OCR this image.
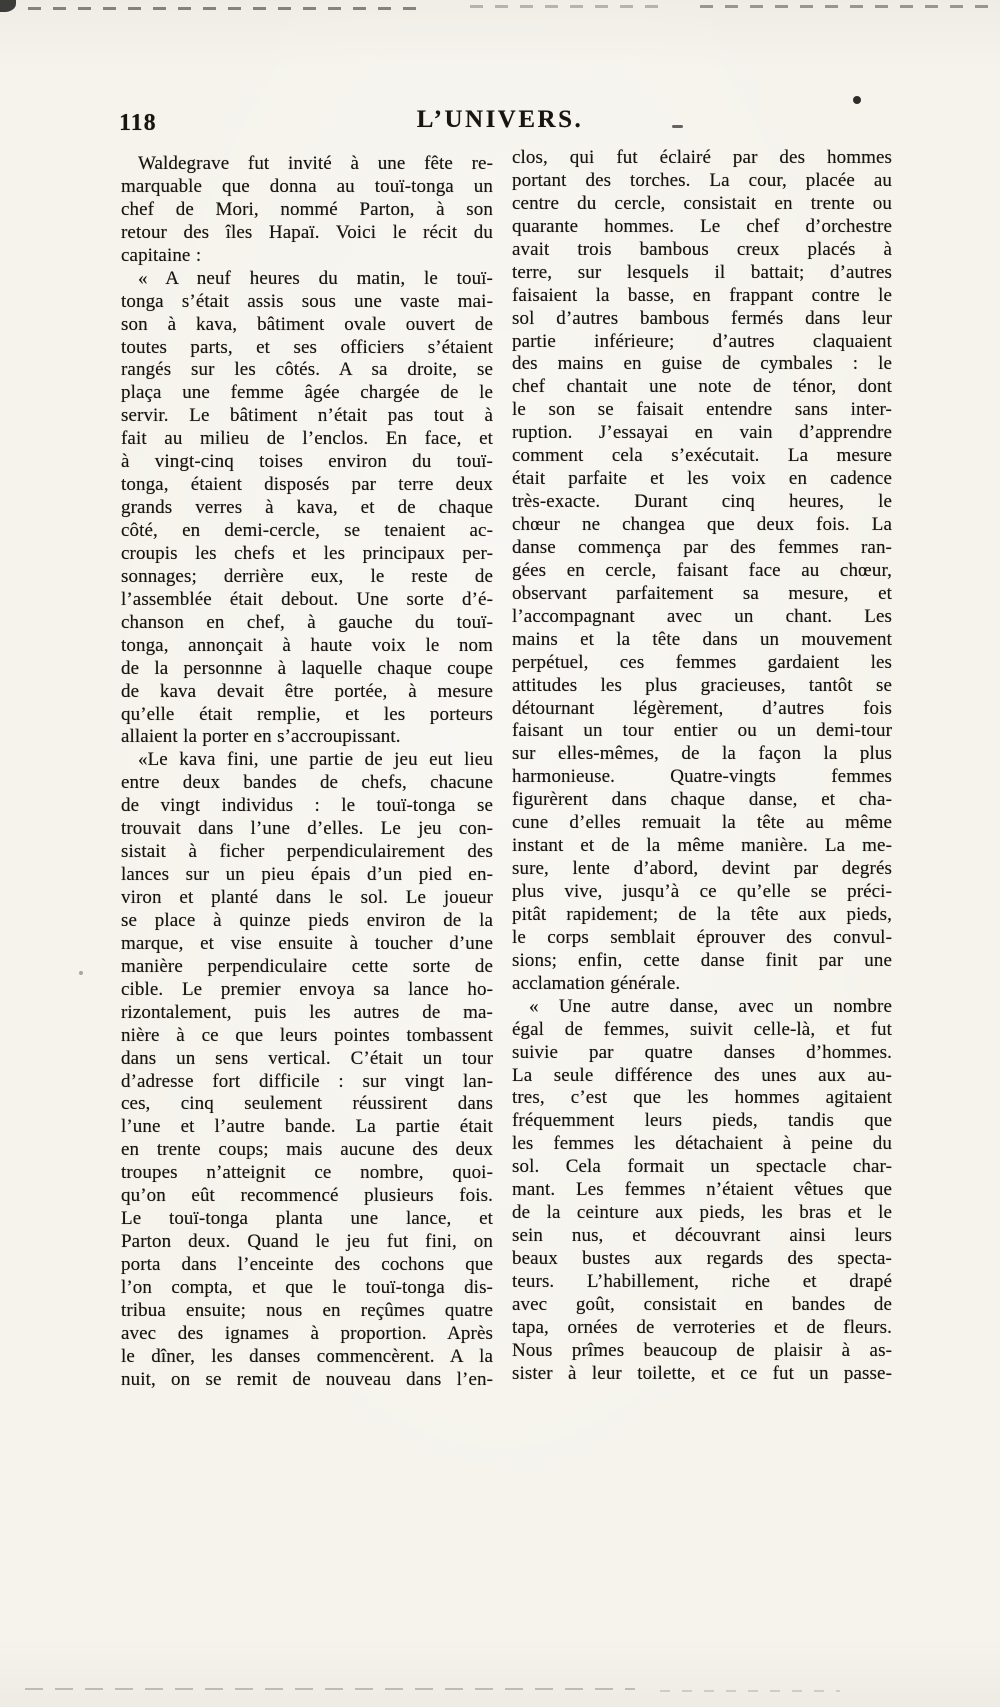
118	L’UNIVERS.
Waldegrave fut invité à une fête re-
marquable que donna au touï-tonga un
chef de Mori, nommé Parton, à son
retour des îles Hapaï. Voici le récit du
capitaine :
« A neuf heures du matin, le touï-
tonga s’était assis sous une vaste mai-
son à kava, bâtiment ovale ouvert de
toutes parts, et ses officiers s’étaient
rangés sur les côtés. A sa droite, se
plaça une femme âgée chargée de le
servir. Le bâtiment n’était pas tout à
fait au milieu de l’enclos. En face, et
à vingt-cinq toises environ du touï-
tonga, étaient disposés par terre deux
grands verres à kava, et de chaque
côté, en demi-cercle, se tenaient ac-
croupis les chefs et les principaux per-
sonnages; derrière eux, le reste de
l’assemblée était debout. Une sorte d’é-
chanson en chef, à gauche du touï-
tonga, annonçait à haute voix le nom
de la personnne à laquelle chaque coupe
de kava devait être portée, à mesure
qu’elle était remplie, et les porteurs
allaient la porter en s’accroupissant.
«Le kava fini, une partie de jeu eut lieu
entre deux bandes de chefs, chacune
de vingt individus : le touï-tonga se
trouvait dans l’une d’elles. Le jeu con-
sistait à ficher perpendiculairement des
lances sur un pieu épais d’un pied en-
viron et planté dans le sol. Le joueur
se place à quinze pieds environ de la
marque, et vise ensuite à toucher d’une
manière perpendiculaire cette sorte de
cible. Le premier envoya sa lance ho-
rizontalement, puis les autres de ma-
nière à ce que leurs pointes tombassent
dans un sens vertical. C’était un tour
d’adresse fort difficile : sur vingt lan-
ces, cinq seulement réussirent dans
l’une et l’autre bande. La partie était
en trente coups; mais aucune des deux
troupes n’atteignit ce nombre, quoi-
qu’on eût recommencé plusieurs fois.
Le touï-tonga planta une lance, et
Parton deux. Quand le jeu fut fini, on
porta dans l’enceinte des cochons que
l’on compta, et que le touï-tonga dis-
tribua ensuite; nous en reçûmes quatre
avec des ignames à proportion. Après
le dîner, les danses commencèrent. A la
nuit, on se remit de nouveau dans l’en-
clos, qui fut éclairé par des hommes
portant des torches. La cour, placée au
centre du cercle, consistait en trente ou
quarante hommes. Le chef d’orchestre
avait trois bambous creux placés à
terre, sur lesquels il battait; d’autres
faisaient la basse, en frappant contre le
sol d’autres bambous fermés dans leur
partie inférieure; d’autres claquaient
des mains en guise de cymbales : le
chef chantait une note de ténor, dont
le son se faisait entendre sans inter-
ruption. J’essayai en vain d’apprendre
comment cela s’exécutait. La mesure
était parfaite et les voix en cadence
très-exacte. Durant cinq heures, le
chœur ne changea que deux fois. La
danse commença par des femmes ran-
gées en cercle, faisant face au chœur,
observant parfaitement sa mesure, et
l’accompagnant avec un chant. Les
mains et la tête dans un mouvement
perpétuel, ces femmes gardaient les
attitudes les plus gracieuses, tantôt se
détournant légèrement, d’autres fois
faisant un tour entier ou un demi-tour
sur elles-mêmes, de la façon la plus
harmonieuse. Quatre-vingts femmes
figurèrent dans chaque danse, et cha-
cune d’elles remuait la tête au même
instant et de la même manière. La me-
sure, lente d’abord, devint par degrés
plus vive, jusqu’à ce qu’elle se préci-
pitât rapidement; de la tête aux pieds,
le corps semblait éprouver des convul-
sions; enfin, cette danse finit par une
acclamation générale.
« Une autre danse, avec un nombre
égal de femmes, suivit celle-là, et fut
suivie par quatre danses d’hommes.
La seule différence des unes aux au-
tres, c’est que les hommes agitaient
fréquemment leurs pieds, tandis que
les femmes les détachaient à peine du
sol. Cela formait un spectacle char-
mant. Les femmes n’étaient vêtues que
de la ceinture aux pieds, les bras et le
sein nus, et découvrant ainsi leurs
beaux bustes aux regards des specta-
teurs. L’habillement, riche et drapé
avec goût, consistait en bandes de
tapa, ornées de verroteries et de fleurs.
Nous prîmes beaucoup de plaisir à as-
sister à leur toilette, et ce fut un passe-
